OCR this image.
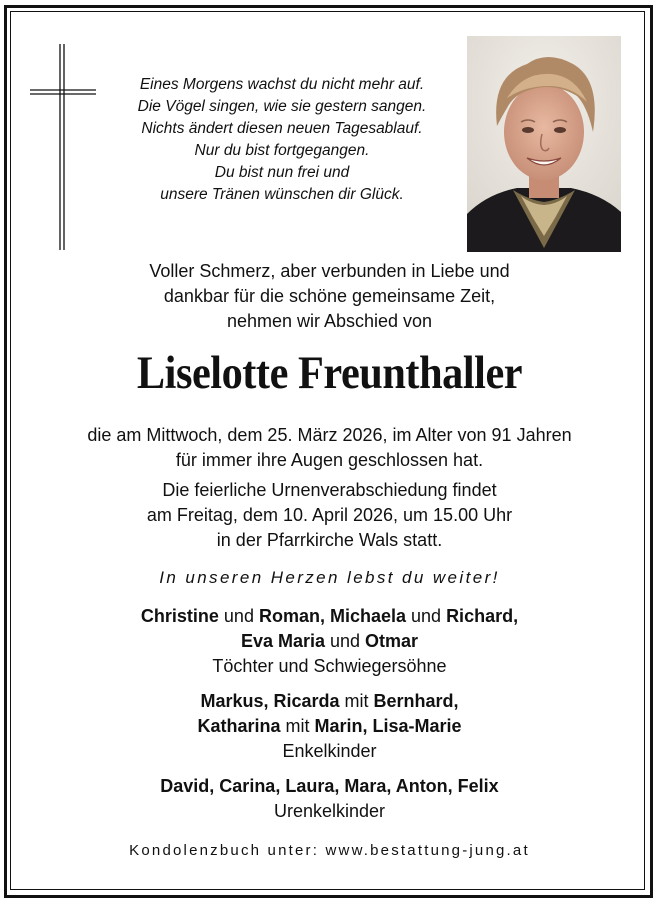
Eines Morgens wachst du nicht mehr auf.
Die Vögel singen, wie sie gestern sangen.
Nichts ändert diesen neuen Tagesablauf.
Nur du bist fortgegangen.
Du bist nun frei und
unsere Tränen wünschen dir Glück.
Voller Schmerz, aber verbunden in Liebe und
dankbar für die schöne gemeinsame Zeit,
nehmen wir Abschied von
Liselotte Freunthaller
die am Mittwoch, dem 25. März 2026, im Alter von 91 Jahren
für immer ihre Augen geschlossen hat.
Die feierliche Urnenverabschiedung findet
am Freitag, dem 10. April 2026, um 15.00 Uhr
in der Pfarrkirche Wals statt.
In unseren Herzen lebst du weiter!
Christine und Roman, Michaela und Richard,
Eva Maria und Otmar
Töchter und Schwiegersöhne
Markus, Ricarda mit Bernhard,
Katharina mit Marin, Lisa-Marie
Enkelkinder
David, Carina, Laura, Mara, Anton, Felix
Urenkelkinder
Kondolenzbuch unter: www.bestattung-jung.at
